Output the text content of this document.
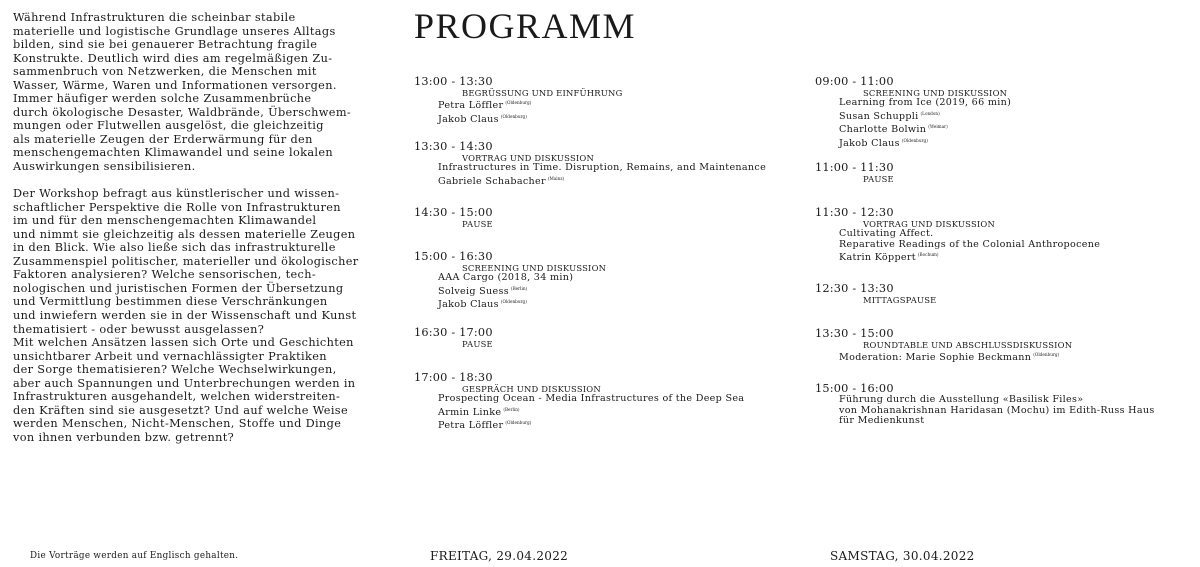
Während Infrastrukturen die scheinbar stabile
materielle und logistische Grundlage unseres Alltags
bilden, sind sie bei genauerer Betrachtung fragile
Konstrukte. Deutlich wird dies am regelmäßigen Zu-
sammenbruch von Netzwerken, die Menschen mit
Wasser, Wärme, Waren und Informationen versorgen.
Immer häufiger werden solche Zusammenbrüche
durch ökologische Desaster, Waldbrände, Überschwem-
mungen oder Flutwellen ausgelöst, die gleichzeitig
als materielle Zeugen der Erderwärmung für den
menschengemachten Klimawandel und seine lokalen
Auswirkungen sensibilisieren.

Der Workshop befragt aus künstlerischer und wissen-
schaftlicher Perspektive die Rolle von Infrastrukturen
im und für den menschengemachten Klimawandel
und nimmt sie gleichzeitig als dessen materielle Zeugen
in den Blick. Wie also ließe sich das infrastrukturelle
Zusammenspiel politischer, materieller und ökologischer
Faktoren analysieren? Welche sensorischen, tech-
nologischen und juristischen Formen der Übersetzung
und Vermittlung bestimmen diese Verschränkungen
und inwiefern werden sie in der Wissenschaft und Kunst
thematisiert - oder bewusst ausgelassen?
Mit welchen Ansätzen lassen sich Orte und Geschichten
unsichtbarer Arbeit und vernachlässigter Praktiken
der Sorge thematisieren? Welche Wechselwirkungen,
aber auch Spannungen und Unterbrechungen werden in
Infrastrukturen ausgehandelt, welchen widerstreiten-
den Kräften sind sie ausgesetzt? Und auf welche Weise
werden Menschen, Nicht-Menschen, Stoffe und Dinge
von ihnen verbunden bzw. getrennt?

PROGRAMM
13:00 - 13:30
BEGRÜSSUNG UND EINFÜHRUNG
Petra Löffler $^{(Oldenburg)}$
Jakob Claus $^{(Oldenburg)}$
13:30 - 14:30
VORTRAG UND DISKUSSION
Infrastructures in Time. Disruption, Remains, and Maintenance
Gabriele Schabacher $^{(Mainz)}$
14:30 - 15:00
PAUSE
15:00 - 16:30
SCREENING UND DISKUSSION
AAA Cargo (2018, 34 min)
Solveig Suess $^{(Berlin)}$
Jakob Claus $^{(Oldenburg)}$
16:30 - 17:00
PAUSE
17:00 - 18:30
GESPRÄCH UND DISKUSSION
Prospecting Ocean - Media Infrastructures of the Deep Sea
Armin Linke $^{(Berlin)}$
Petra Löffler $^{(Oldenburg)}$
09:00 - 11:00
SCREENING UND DISKUSSION
Learning from Ice (2019, 66 min)
Susan Schuppli $^{(London)}$
Charlotte Bolwin $^{(Weimar)}$
Jakob Claus $^{(Oldenburg)}$
11:00 - 11:30
PAUSE
11:30 - 12:30
VORTRAG UND DISKUSSION
Cultivating Affect.
Reparative Readings of the Colonial Anthropocene
Katrin Köppert $^{(Bochum)}$
12:30 - 13:30
MITTAGSPAUSE
13:30 - 15:00
ROUNDTABLE UND ABSCHLUSSDISKUSSION
Moderation: Marie Sophie Beckmann $^{(Oldenburg)}$
15:00 - 16:00
Führung durch die Ausstellung «Basilisk Files»
von Mohanakrishnan Haridasan (Mochu) im Edith-Russ Haus
für Medienkunst
Die Vorträge werden auf Englisch gehalten.	FREITAG, 29.04.2022	SAMSTAG, 30.04.2022
